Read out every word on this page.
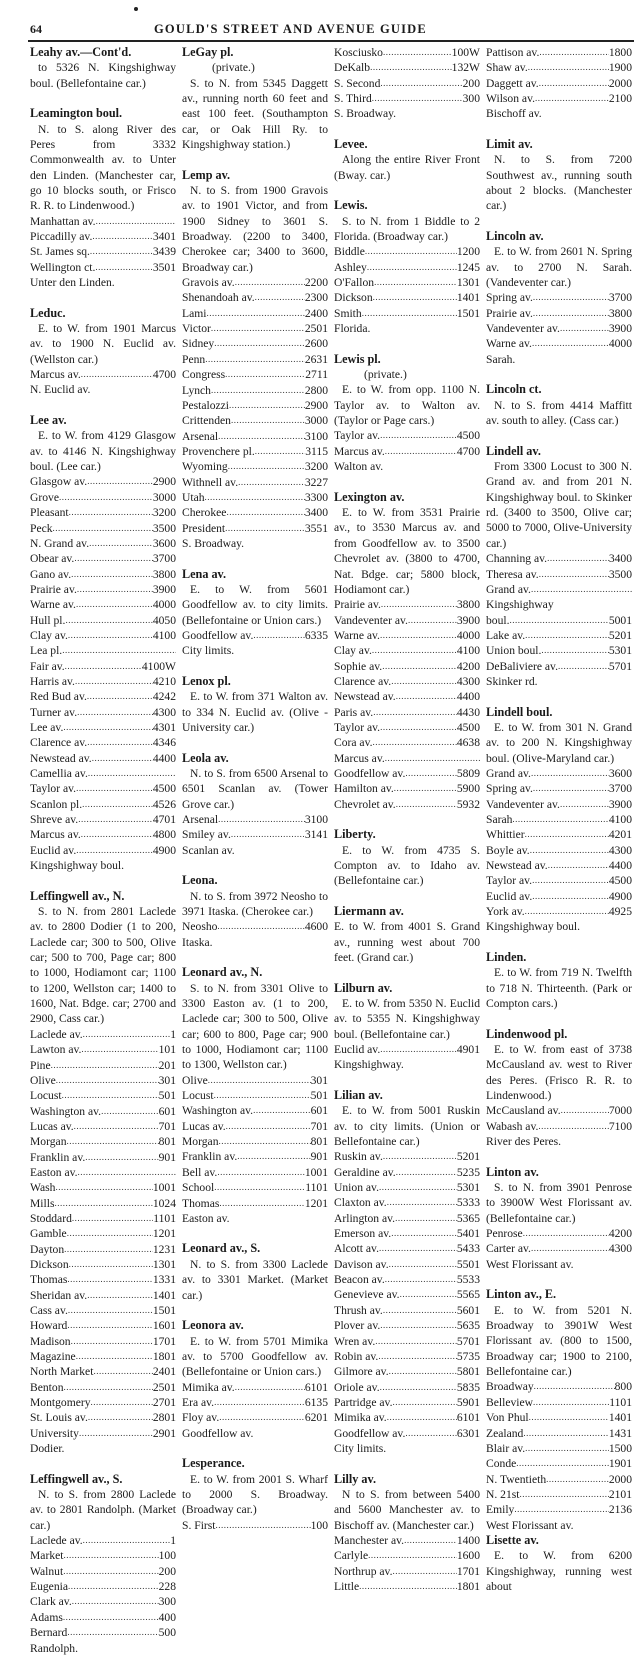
64	GOULD'S STREET AND AVENUE GUIDE
Leahy av.—Cont'd.
to 5326 N. Kingshighway boul. (Bellefontaine car.)
Leamington boul.
N. to S. along River des Peres from 3332 Commonwealth av. to Unter den Linden. (Manchester car, go 10 blocks south, or Frisco R. R. to Lindenwood.)
Manhattan av.
.....
Piccadilly av. .....	3401
St. James sq. .....	3439
Wellington ct. .....	3501
Unter den Linden.
Leduc.
E. to W. from 1901 Marcus av. to 1900 N. Euclid av. (Wellston car.)
Marcus av. .....	4700
N. Euclid av.
Lee av.
E. to W. from 4129 Glasgow av. to 4146 N. Kingshighway boul. (Lee car.)
Glasgow av. .....	2900
Grove .....	3000
Pleasant .....	3200
Peck .....	3500
N. Grand av. .....	3600
Obear av. .....	3700
Gano av. .....	3800
Prairie av. .....	3900
Warne av. .....	4000
Hull pl. .....	4050
Clay av. .....	4100
Lea pl.
.....
Fair av. .....	4100W
Harris av. .....	4210
Red Bud av. .....	4242
Turner av. .....	4300
Lee av. .....	4301
Clarence av. .....	4346
Newstead av. .....	4400
Camellia av.
.....
Taylor av. .....	4500
Scanlon pl. .....	4526
Shreve av. .....	4701
Marcus av. .....	4800
Euclid av. .....	4900
Kingshighway boul.
Leffingwell av., N.
S. to N. from 2801 Laclede av. to 2800 Dodier (1 to 200, Laclede car; 300 to 500, Olive car; 500 to 700, Page car; 800 to 1000, Hodiamont car; 1100 to 1200, Wellston car; 1400 to 1600, Nat. Bdge. car; 2700 and 2900, Cass car.)
Laclede av. .....	1
Lawton av. .....	101
Pine .....	201
Olive .....	301
Locust .....	501
Washington av. .....	601
Lucas av. .....	701
Morgan .....	801
Franklin av. .....	901
Easton av.
.....
Wash .....	1001
Mills .....	1024
Stoddard .....	1101
Gamble .....	1201
Dayton .....	1231
Dickson .....	1301
Thomas .....	1331
Sheridan av. .....	1401
Cass av. .....	1501
Howard .....	1601
Madison .....	1701
Magazine .....	1801
North Market .....	2401
Benton .....	2501
Montgomery .....	2701
St. Louis av. .....	2801
University .....	2901
Dodier.
Leffingwell av., S.
N. to S. from 2800 Laclede av. to 2801 Randolph. (Market car.)
Laclede av. .....	1
Market .....	100
Walnut .....	200
Eugenia .....	228
Clark av. .....	300
Adams .....	400
Bernard .....	500
Randolph.
LeGay pl.
(private.)
S. to N. from 5345 Daggett av., running north 60 feet and east 100 feet. (Southampton car, or Oak Hill Ry. to Kingshighway station.)
Lemp av.
N. to S. from 1900 Gravois av. to 1901 Victor, and from 1900 Sidney to 3601 S. Broadway. (2200 to 3400, Cherokee car; 3400 to 3600, Broadway car.)
Gravois av. .....	2200
Shenandoah av. .....	2300
Lami .....	2400
Victor .....	2501
Sidney .....	2600
Penn .....	2631
Congress .....	2711
Lynch .....	2800
Pestalozzi .....	2900
Crittenden .....	3000
Arsenal .....	3100
Provenchere pl. .....	3115
Wyoming .....	3200
Withnell av. .....	3227
Utah .....	3300
Cherokee .....	3400
President .....	3551
S. Broadway.
Lena av.
E. to W. from 5601 Goodfellow av. to city limits. (Bellefontaine or Union cars.)
Goodfellow av. .....	6335
City limits.
Lenox pl.
E. to W. from 371 Walton av. to 334 N. Euclid av. (Olive - University car.)
Leola av.
N. to S. from 6500 Arsenal to 6501 Scanlan av. (Tower Grove car.)
Arsenal .....	3100
Smiley av. .....	3141
Scanlan av.
Leona.
N. to S. from 3972 Neosho to 3971 Itaska. (Cherokee car.)
Neosho .....	4600
Itaska.
Leonard av., N.
S. to N. from 3301 Olive to 3300 Easton av. (1 to 200, Laclede car; 300 to 500, Olive car; 600 to 800, Page car; 900 to 1000, Hodiamont car; 1100 to 1300, Wellston car.)
Olive .....	301
Locust .....	501
Washington av. .....	601
Lucas av. .....	701
Morgan .....	801
Franklin av. .....	901
Bell av. .....	1001
School .....	1101
Thomas .....	1201
Easton av.
Leonard av., S.
N. to S. from 3300 Laclede av. to 3301 Market. (Market car.)
Leonora av.
E. to W. from 5701 Mimika av. to 5700 Goodfellow av. (Bellefontaine or Union cars.)
Mimika av. .....	6101
Era av. .....	6135
Floy av. .....	6201
Goodfellow av.
Lesperance.
E. to W. from 2001 S. Wharf to 2000 S. Broadway. (Broadway car.)
S. First .....	100
Kosciusko .....	100W
DeKalb .....	132W
S. Second .....	200
S. Third .....	300
S. Broadway.
Levee.
Along the entire River Front (Bway. car.)
Lewis.
S. to N. from 1 Biddle to 2 Florida. (Broadway car.)
Biddle .....	1200
Ashley .....	1245
O'Fallon .....	1301
Dickson .....	1401
Smith .....	1501
Florida.
Lewis pl.
(private.)
E. to W. from opp. 1100 N. Taylor av. to Walton av. (Taylor or Page cars.)
Taylor av. .....	4500
Marcus av. .....	4700
Walton av.
Lexington av.
E. to W. from 3531 Prairie av., to 3530 Marcus av. and from Goodfellow av. to 3500 Chevrolet av. (3800 to 4700, Nat. Bdge. car; 5800 block, Hodiamont car.)
Prairie av. .....	3800
Vandeventer av. .....	3900
Warne av. .....	4000
Clay av. .....	4100
Sophie av. .....	4200
Clarence av. .....	4300
Newstead av. .....	4400
Paris av. .....	4430
Taylor av. .....	4500
Cora av. .....	4638
Marcus av.
.....
Goodfellow av. .....	5809
Hamilton av. .....	5900
Chevrolet av. .....	5932
Liberty.
E. to W. from 4735 S. Compton av. to Idaho av. (Bellefontaine car.)
Liermann av.
E. to W. from 4001 S. Grand av., running west about 700 feet. (Grand car.)
Lilburn av.
E. to W. from 5350 N. Euclid av. to 5355 N. Kingshighway boul. (Bellefontaine car.)
Euclid av. .....	4901
Kingshighway.
Lilian av.
E. to W. from 5001 Ruskin av. to city limits. (Union or Bellefontaine car.)
Ruskin av. .....	5201
Geraldine av. .....	5235
Union av. .....	5301
Claxton av. .....	5333
Arlington av. .....	5365
Emerson av. .....	5401
Alcott av. .....	5433
Davison av. .....	5501
Beacon av. .....	5533
Genevieve av. .....	5565
Thrush av. .....	5601
Plover av. .....	5635
Wren av. .....	5701
Robin av. .....	5735
Gilmore av. .....	5801
Oriole av. .....	5835
Partridge av. .....	5901
Mimika av. .....	6101
Goodfellow av. .....	6301
City limits.
Lilly av.
N to S. from between 5400 and 5600 Manchester av. to Bischoff av. (Manchester car.)
Manchester av. .....	1400
Carlyle .....	1600
Northrup av. .....	1701
Little .....	1801
Pattison av. .....	1800
Shaw av. .....	1900
Daggett av. .....	2000
Wilson av. .....	2100
Bischoff av.
Limit av.
N. to S. from 7200 Southwest av., running south about 2 blocks. (Manchester car.)
Lincoln av.
E. to W. from 2601 N. Spring av. to 2700 N. Sarah. (Vandeventer car.)
Spring av. .....	3700
Prairie av. .....	3800
Vandeventer av. .....	3900
Warne av. .....	4000
Sarah.
Lincoln ct.
N. to S. from 4414 Maffitt av. south to alley. (Cass car.)
Lindell av.
From 3300 Locust to 300 N. Grand av. and from 201 N. Kingshighway boul. to Skinker rd. (3400 to 3500, Olive car; 5000 to 7000, Olive-University car.)
Channing av. .....	3400
Theresa av. .....	3500
Grand av.
.....
Kingshighway
boul. .....	5001
Lake av. .....	5201
Union boul. .....	5301
DeBaliviere av. .....	5701
Skinker rd.
Lindell boul.
E. to W. from 301 N. Grand av. to 200 N. Kingshighway boul. (Olive-Maryland car.)
Grand av. .....	3600
Spring av. .....	3700
Vandeventer av. .....	3900
Sarah .....	4100
Whittier .....	4201
Boyle av. .....	4300
Newstead av. .....	4400
Taylor av. .....	4500
Euclid av. .....	4900
York av. .....	4925
Kingshighway boul.
Linden.
E. to W. from 719 N. Twelfth to 718 N. Thirteenth. (Park or Compton cars.)
Lindenwood pl.
E. to W. from east of 3738 McCausland av. west to River des Peres. (Frisco R. R. to Lindenwood.)
McCausland av. .....	7000
Wabash av. .....	7100
River des Peres.
Linton av.
S. to N. from 3901 Penrose to 3900W West Florissant av. (Bellefontaine car.)
Penrose .....	4200
Carter av. .....	4300
West Florissant av.
Linton av., E.
E. to W. from 5201 N. Broadway to 3901W West Florissant av. (800 to 1500, Broadway car; 1900 to 2100, Bellefontaine car.)
Broadway .....	800
Belleview .....	1101
Von Phul .....	1401
Zealand .....	1431
Blair av. .....	1500
Conde .....	1901
N. Twentieth .....	2000
N. 21st .....	2101
Emily .....	2136
West Florissant av.
Lisette av.
E. to W. from 6200 Kingshighway, running west about
